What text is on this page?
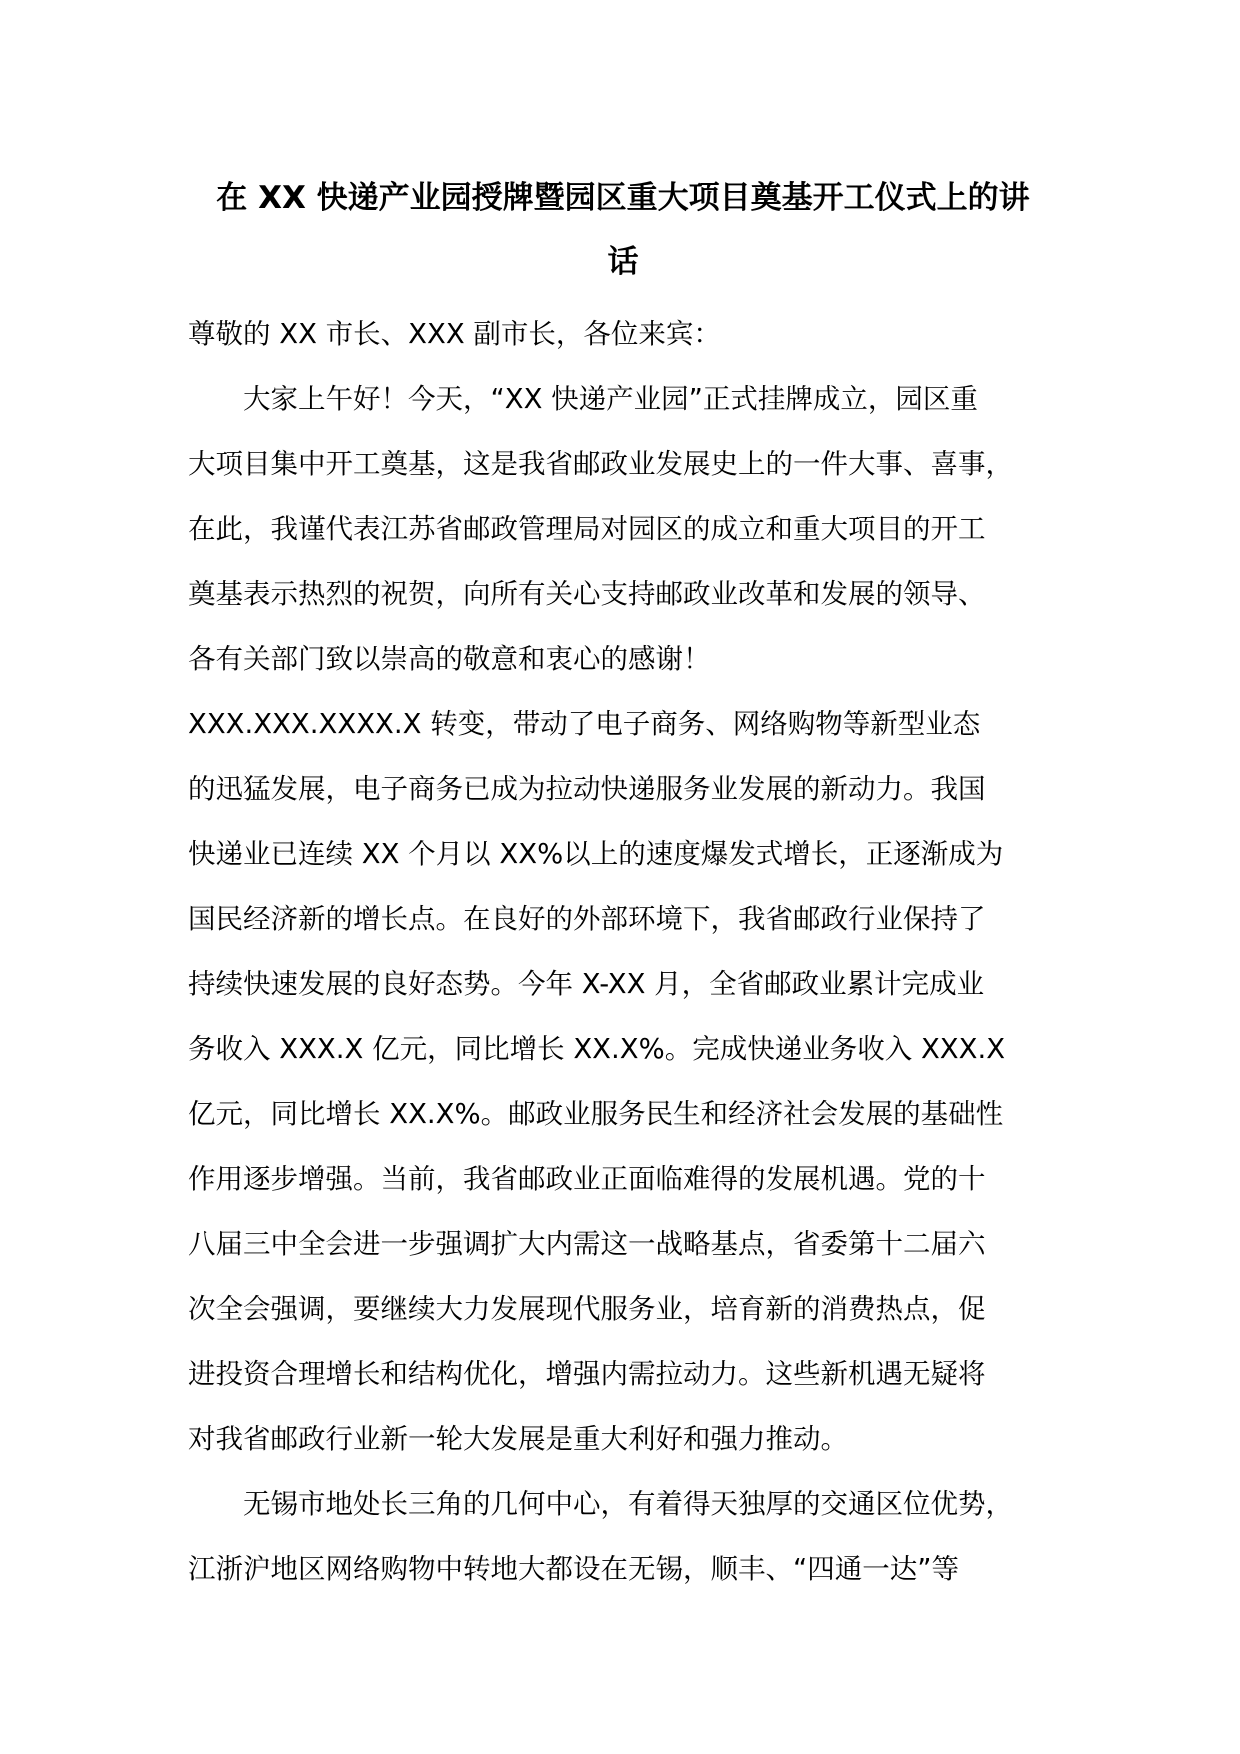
在 XX 快递产业园授牌暨园区重大项目奠基开工仪式上的讲
话
尊敬的 XX 市长、XXX 副市长，各位来宾：
　　大家上午好！今天，“XX 快递产业园”正式挂牌成立，园区重
大项目集中开工奠基，这是我省邮政业发展史上的一件大事、喜事，
在此，我谨代表江苏省邮政管理局对园区的成立和重大项目的开工
奠基表示热烈的祝贺，向所有关心支持邮政业改革和发展的领导、
各有关部门致以崇高的敬意和衷心的感谢！
XXX.XXX.XXXX.X 转变，带动了电子商务、网络购物等新型业态
的迅猛发展，电子商务已成为拉动快递服务业发展的新动力。我国
快递业已连续 XX 个月以 XX%以上的速度爆发式增长，正逐渐成为
国民经济新的增长点。在良好的外部环境下，我省邮政行业保持了
持续快速发展的良好态势。今年 X-XX 月，全省邮政业累计完成业
务收入 XXX.X 亿元，同比增长 XX.X%。完成快递业务收入 XXX.X
亿元，同比增长 XX.X%。邮政业服务民生和经济社会发展的基础性
作用逐步增强。当前，我省邮政业正面临难得的发展机遇。党的十
八届三中全会进一步强调扩大内需这一战略基点，省委第十二届六
次全会强调，要继续大力发展现代服务业，培育新的消费热点，促
进投资合理增长和结构优化，增强内需拉动力。这些新机遇无疑将
对我省邮政行业新一轮大发展是重大利好和强力推动。
　　无锡市地处长三角的几何中心，有着得天独厚的交通区位优势，
江浙沪地区网络购物中转地大都设在无锡，顺丰、“四通一达”等
